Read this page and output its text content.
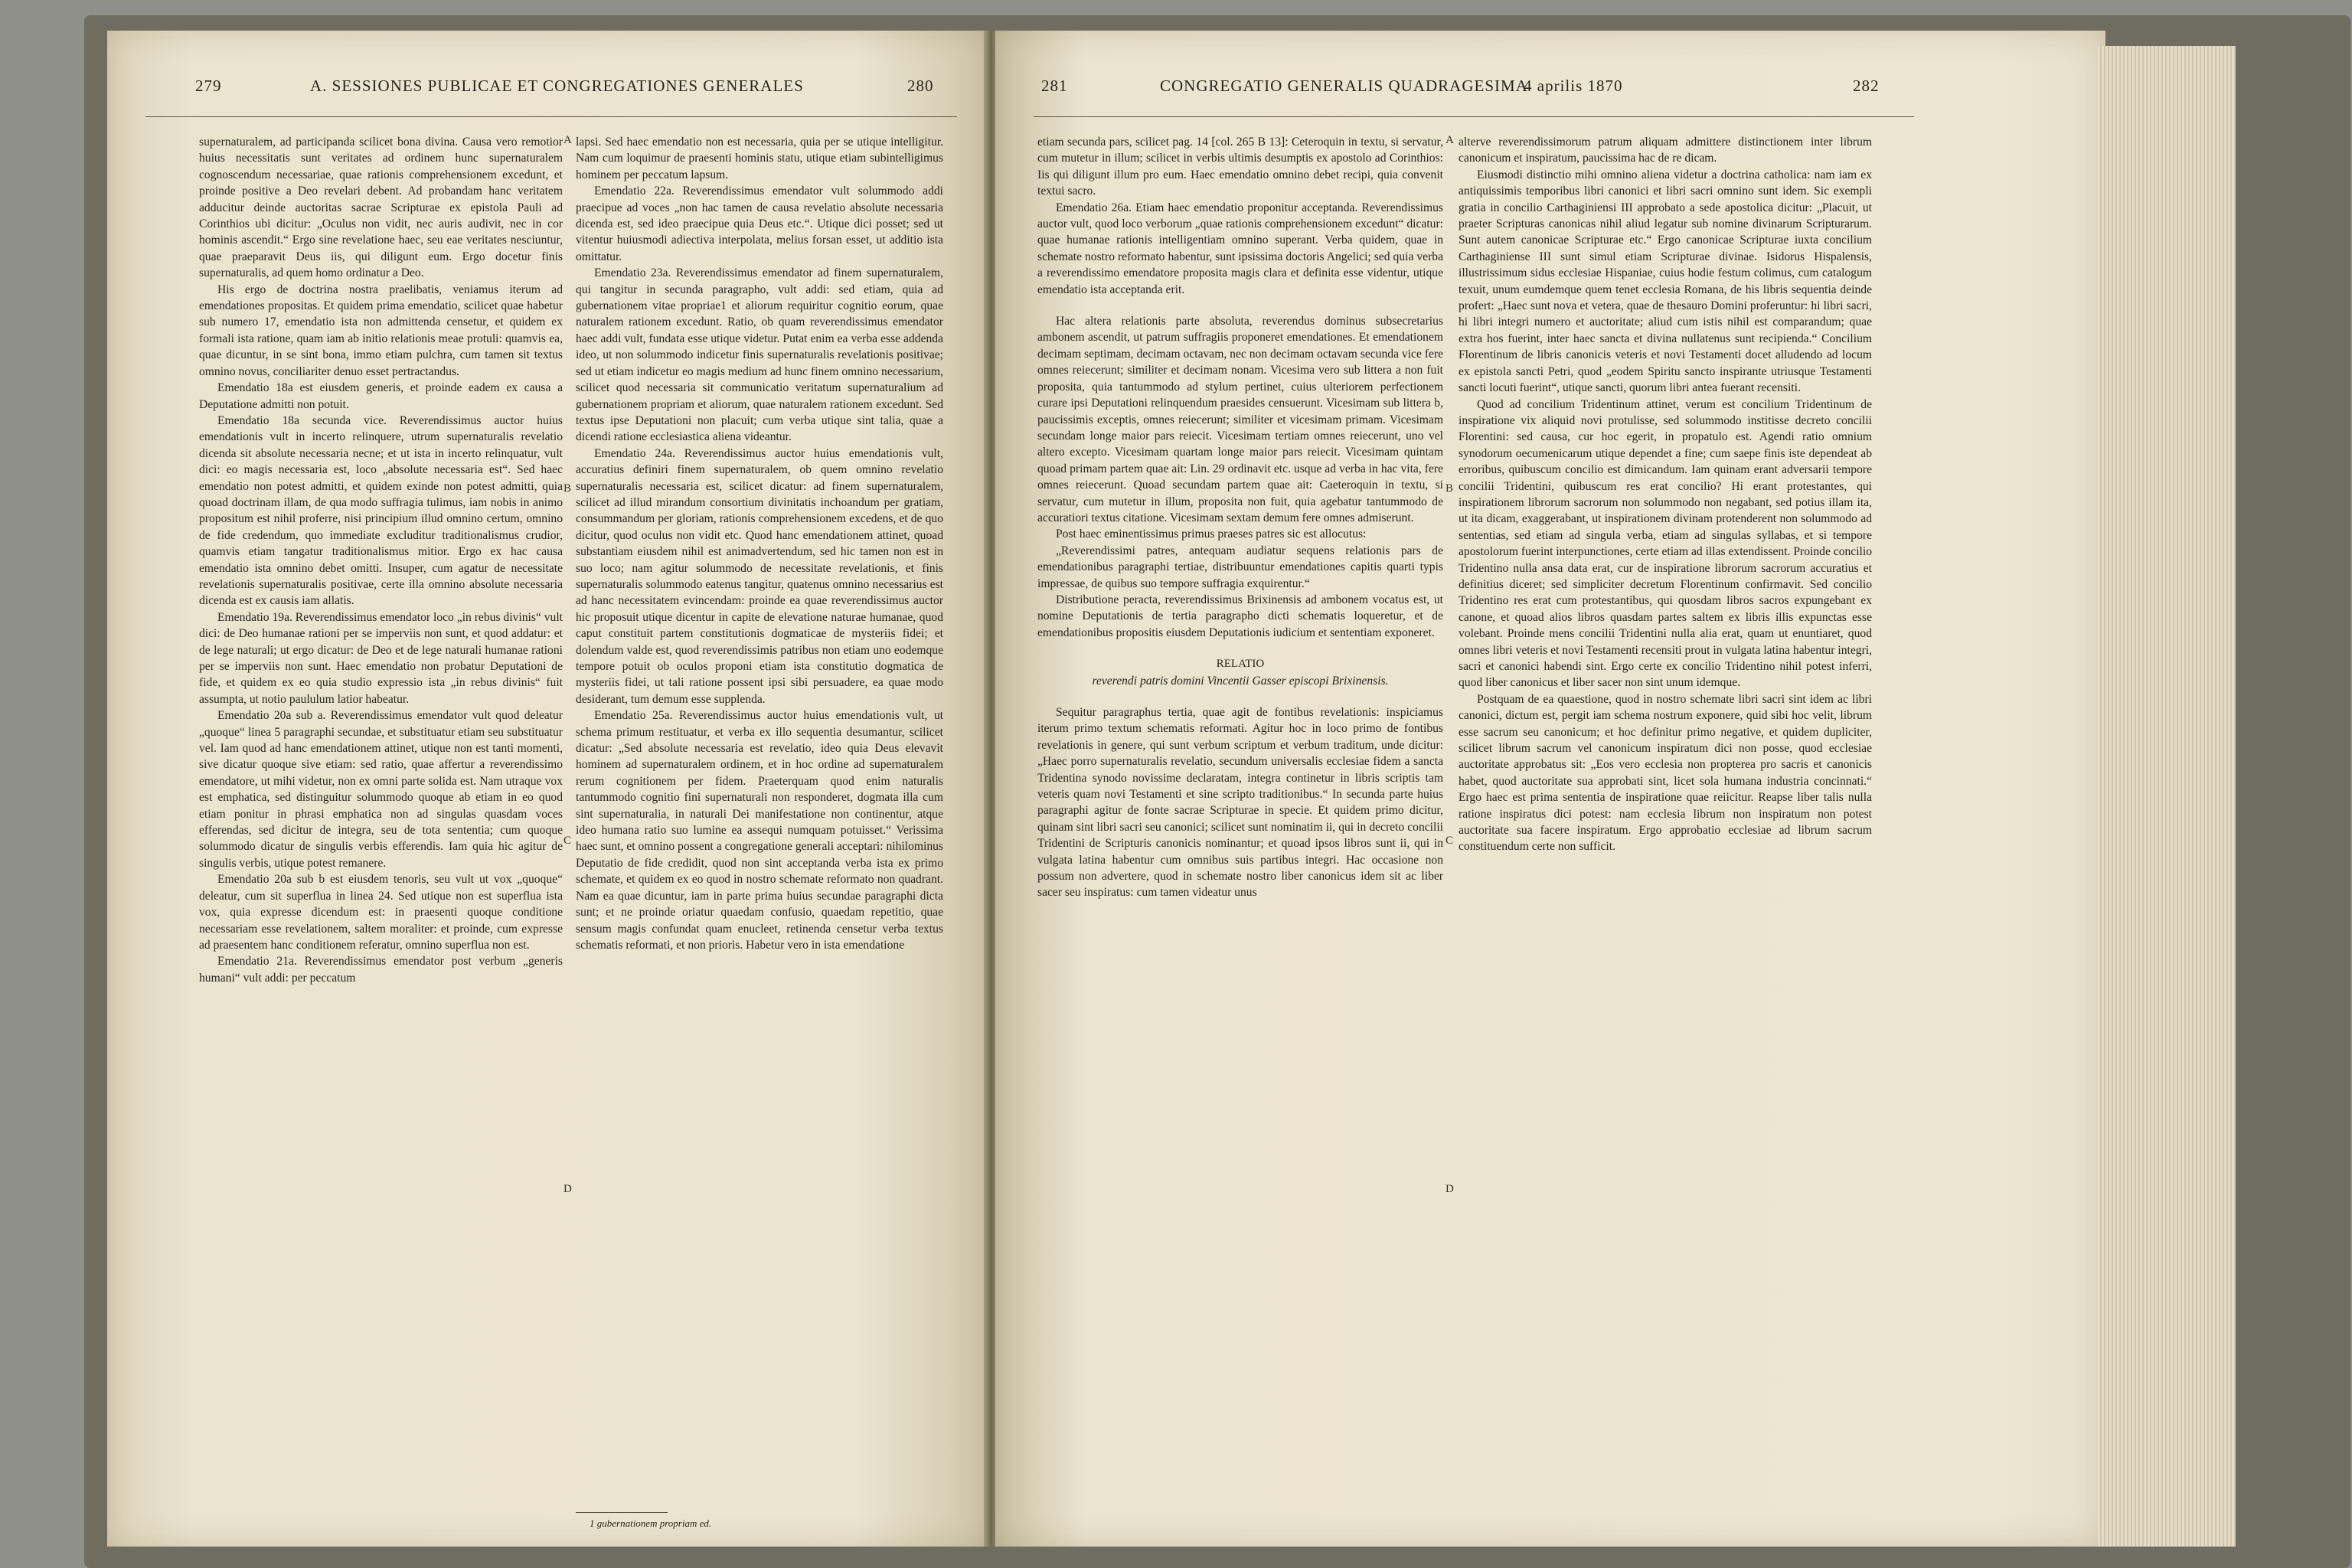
279	A. SESSIONES PUBLICAE ET CONGREGATIONES GENERALES	280

supernaturalem, ad participanda scilicet bona divina. Causa vero remotior huius necessitatis sunt veritates ad ordinem hunc supernaturalem cognoscendum necessariae, quae rationis comprehensionem excedunt, et proinde positive a Deo revelari debent. Ad probandam hanc veritatem adducitur deinde auctoritas sacrae Scripturae ex epistola Pauli ad Corinthios ubi dicitur: „Oculus non vidit, nec auris audivit, nec in cor hominis ascendit.“ Ergo sine revelatione haec, seu eae veritates nesciuntur, quae praeparavit Deus iis, qui diligunt eum. Ergo docetur finis supernaturalis, ad quem homo ordinatur a Deo.

His ergo de doctrina nostra praelibatis, veniamus iterum ad emendationes propositas. Et quidem prima emendatio, scilicet quae habetur sub numero 17, emendatio ista non admittenda censetur, et quidem ex formali ista ratione, quam iam ab initio relationis meae protuli: quamvis ea, quae dicuntur, in se sint bona, immo etiam pulchra, cum tamen sit textus omnino novus, conciliariter denuo esset pertractandus.

Emendatio 18a est eiusdem generis, et proinde eadem ex causa a Deputatione admitti non potuit.

Emendatio 18a secunda vice. Reverendissimus auctor huius emendationis vult in incerto relinquere, utrum supernaturalis revelatio dicenda sit absolute necessaria necne; et ut ista in incerto relinquatur, vult dici: eo magis necessaria est, loco „absolute necessaria est“. Sed haec emendatio non potest admitti, et quidem exinde non potest admitti, quia quoad doctrinam illam, de qua modo suffragia tulimus, iam nobis in animo propositum est nihil proferre, nisi principium illud omnino certum, omnino de fide credendum, quo immediate excluditur traditionalismus crudior, quamvis etiam tangatur traditionalismus mitior. Ergo ex hac causa emendatio ista omnino debet omitti. Insuper, cum agatur de necessitate revelationis supernaturalis positivae, certe illa omnino absolute necessaria dicenda est ex causis iam allatis.

Emendatio 19a. Reverendissimus emendator loco „in rebus divinis“ vult dici: de Deo humanae rationi per se imperviis non sunt, et quod addatur: et de lege naturali; ut ergo dicatur: de Deo et de lege naturali humanae rationi per se imperviis non sunt. Haec emendatio non probatur Deputationi de fide, et quidem ex eo quia studio expressio ista „in rebus divinis“ fuit assumpta, ut notio paululum latior habeatur.

Emendatio 20a sub a. Reverendissimus emendator vult quod deleatur „quoque“ linea 5 paragraphi secundae, et substituatur etiam seu substituatur vel. Iam quod ad hanc emendationem attinet, utique non est tanti momenti, sive dicatur quoque sive etiam: sed ratio, quae affertur a reverendissimo emendatore, ut mihi videtur, non ex omni parte solida est. Nam utraque vox est emphatica, sed distinguitur solummodo quoque ab etiam in eo quod etiam ponitur in phrasi emphatica non ad singulas quasdam voces efferendas, sed dicitur de integra, seu de tota sententia; cum quoque solummodo dicatur de singulis verbis efferendis. Iam quia hic agitur de singulis verbis, utique potest remanere.

Emendatio 20a sub b est eiusdem tenoris, seu vult ut vox „quoque“ deleatur, cum sit superflua in linea 24. Sed utique non est superflua ista vox, quia expresse dicendum est: in praesenti quoque conditione necessariam esse revelationem, saltem moraliter: et proinde, cum expresse ad praesentem hanc conditionem referatur, omnino superflua non est.

Emendatio 21a. Reverendissimus emendator post verbum „generis humani“ vult addi: per peccatum

lapsi. Sed haec emendatio non est necessaria, quia per se utique intelligitur. Nam cum loquimur de praesenti hominis statu, utique etiam subintelligimus hominem per peccatum lapsum.

Emendatio 22a. Reverendissimus emendator vult solummodo addi praecipue ad voces „non hac tamen de causa revelatio absolute necessaria dicenda est, sed ideo praecipue quia Deus etc.“. Utique dici posset; sed ut vitentur huiusmodi adiectiva interpolata, melius forsan esset, ut additio ista omittatur.

Emendatio 23a. Reverendissimus emendator ad finem supernaturalem, qui tangitur in secunda paragrapho, vult addi: sed etiam, quia ad gubernationem vitae propriae1 et aliorum requiritur cognitio eorum, quae naturalem rationem excedunt. Ratio, ob quam reverendissimus emendator haec addi vult, fundata esse utique videtur. Putat enim ea verba esse addenda ideo, ut non solummodo indicetur finis supernaturalis revelationis positivae; sed ut etiam indicetur eo magis medium ad hunc finem omnino necessarium, scilicet quod necessaria sit communicatio veritatum supernaturalium ad gubernationem propriam et aliorum, quae naturalem rationem excedunt. Sed textus ipse Deputationi non placuit; cum verba utique sint talia, quae a dicendi ratione ecclesiastica aliena videantur.

Emendatio 24a. Reverendissimus auctor huius emendationis vult, accuratius definiri finem supernaturalem, ob quem omnino revelatio supernaturalis necessaria est, scilicet dicatur: ad finem supernaturalem, scilicet ad illud mirandum consortium divinitatis inchoandum per gratiam, consummandum per gloriam, rationis comprehensionem excedens, et de quo dicitur, quod oculus non vidit etc. Quod hanc emendationem attinet, quoad substantiam eiusdem nihil est animadvertendum, sed hic tamen non est in suo loco; nam agitur solummodo de necessitate revelationis, et finis supernaturalis solummodo eatenus tangitur, quatenus omnino necessarius est ad hanc necessitatem evincendam: proinde ea quae reverendissimus auctor hic proposuit utique dicentur in capite de elevatione naturae humanae, quod caput constituit partem constitutionis dogmaticae de mysteriis fidei; et dolendum valde est, quod reverendissimis patribus non etiam uno eodemque tempore potuit ob oculos proponi etiam ista constitutio dogmatica de mysteriis fidei, ut tali ratione possent ipsi sibi persuadere, ea quae modo desiderant, tum demum esse supplenda.

Emendatio 25a. Reverendissimus auctor huius emendationis vult, ut schema primum restituatur, et verba ex illo sequentia desumantur, scilicet dicatur: „Sed absolute necessaria est revelatio, ideo quia Deus elevavit hominem ad supernaturalem ordinem, et in hoc ordine ad supernaturalem rerum cognitionem per fidem. Praeterquam quod enim naturalis tantummodo cognitio fini supernaturali non responderet, dogmata illa cum sint supernaturalia, in naturali Dei manifestatione non continentur, atque ideo humana ratio suo lumine ea assequi numquam potuisset.“ Verissima haec sunt, et omnino possent a congregatione generali acceptari: nihilominus Deputatio de fide credidit, quod non sint acceptanda verba ista ex primo schemate, et quidem ex eo quod in nostro schemate reformato non quadrant. Nam ea quae dicuntur, iam in parte prima huius secundae paragraphi dicta sunt; et ne proinde oriatur quaedam confusio, quaedam repetitio, quae sensum magis confundat quam enucleet, retinenda censetur verba textus schematis reformati, et non prioris. Habetur vero in ista emendatione

A
B
C
D
1 gubernationem propriam ed.
281	CONGREGATIO GENERALIS QUADRAGESIMA
4 aprilis 1870	282

etiam secunda pars, scilicet pag. 14 [col. 265 B 13]: Ceteroquin in textu, si servatur, cum mutetur in illum; scilicet in verbis ultimis desumptis ex apostolo ad Corinthios: Iis qui diligunt illum pro eum. Haec emendatio omnino debet recipi, quia convenit textui sacro.

Emendatio 26a. Etiam haec emendatio proponitur acceptanda. Reverendissimus auctor vult, quod loco verborum „quae rationis comprehensionem excedunt“ dicatur: quae humanae rationis intelligentiam omnino superant. Verba quidem, quae in schemate nostro reformato habentur, sunt ipsissima doctoris Angelici; sed quia verba a reverendissimo emendatore proposita magis clara et definita esse videntur, utique emendatio ista acceptanda erit.

Hac altera relationis parte absoluta, reverendus dominus subsecretarius ambonem ascendit, ut patrum suffragiis proponeret emendationes. Et emendationem decimam septimam, decimam octavam, nec non decimam octavam secunda vice fere omnes reiecerunt; similiter et decimam nonam. Vicesima vero sub littera a non fuit proposita, quia tantummodo ad stylum pertinet, cuius ulteriorem perfectionem curare ipsi Deputationi relinquendum praesides censuerunt. Vicesimam sub littera b, paucissimis exceptis, omnes reiecerunt; similiter et vicesimam primam. Vicesimam secundam longe maior pars reiecit. Vicesimam tertiam omnes reiecerunt, uno vel altero excepto. Vicesimam quartam longe maior pars reiecit. Vicesimam quintam quoad primam partem quae ait: Lin. 29 ordinavit etc. usque ad verba in hac vita, fere omnes reiecerunt. Quoad secundam partem quae ait: Caeteroquin in textu, si servatur, cum mutetur in illum, proposita non fuit, quia agebatur tantummodo de accuratiori textus citatione. Vicesimam sextam demum fere omnes admiserunt.

Post haec eminentissimus primus praeses patres sic est allocutus:

„Reverendissimi patres, antequam audiatur sequens relationis pars de emendationibus paragraphi tertiae, distribuuntur emendationes capitis quarti typis impressae, de quibus suo tempore suffragia exquirentur.“

Distributione peracta, reverendissimus Brixinensis ad ambonem vocatus est, ut nomine Deputationis de tertia paragrapho dicti schematis loqueretur, et de emendationibus propositis eiusdem Deputationis iudicium et sententiam exponeret.

RELATIO

reverendi patris domini Vincentii Gasser episcopi Brixinensis.

Sequitur paragraphus tertia, quae agit de fontibus revelationis: inspiciamus iterum primo textum schematis reformati. Agitur hoc in loco primo de fontibus revelationis in genere, qui sunt verbum scriptum et verbum traditum, unde dicitur: „Haec porro supernaturalis revelatio, secundum universalis ecclesiae fidem a sancta Tridentina synodo novissime declaratam, integra continetur in libris scriptis tam veteris quam novi Testamenti et sine scripto traditionibus.“ In secunda parte huius paragraphi agitur de fonte sacrae Scripturae in specie. Et quidem primo dicitur, quinam sint libri sacri seu canonici; scilicet sunt nominatim ii, qui in decreto concilii Tridentini de Scripturis canonicis nominantur; et quoad ipsos libros sunt ii, qui in vulgata latina habentur cum omnibus suis partibus integri. Hac occasione non possum non advertere, quod in schemate nostro liber canonicus idem sit ac liber sacer seu inspiratus: cum tamen videatur unus

alterve reverendissimorum patrum aliquam admittere distinctionem inter librum canonicum et inspiratum, paucissima hac de re dicam.

Eiusmodi distinctio mihi omnino aliena videtur a doctrina catholica: nam iam ex antiquissimis temporibus libri canonici et libri sacri omnino sunt idem. Sic exempli gratia in concilio Carthaginiensi III approbato a sede apostolica dicitur: „Placuit, ut praeter Scripturas canonicas nihil aliud legatur sub nomine divinarum Scripturarum. Sunt autem canonicae Scripturae etc.“ Ergo canonicae Scripturae iuxta concilium Carthaginiense III sunt simul etiam Scripturae divinae. Isidorus Hispalensis, illustrissimum sidus ecclesiae Hispaniae, cuius hodie festum colimus, cum catalogum texuit, unum eumdemque quem tenet ecclesia Romana, de his libris sequentia deinde profert: „Haec sunt nova et vetera, quae de thesauro Domini proferuntur: hi libri sacri, hi libri integri numero et auctoritate; aliud cum istis nihil est comparandum; quae extra hos fuerint, inter haec sancta et divina nullatenus sunt recipienda.“ Concilium Florentinum de libris canonicis veteris et novi Testamenti docet alludendo ad locum ex epistola sancti Petri, quod „eodem Spiritu sancto inspirante utriusque Testamenti sancti locuti fuerint“, utique sancti, quorum libri antea fuerant recensiti.

Quod ad concilium Tridentinum attinet, verum est concilium Tridentinum de inspiratione vix aliquid novi protulisse, sed solummodo institisse decreto concilii Florentini: sed causa, cur hoc egerit, in propatulo est. Agendi ratio omnium synodorum oecumenicarum utique dependet a fine; cum saepe finis iste dependeat ab erroribus, quibuscum concilio est dimicandum. Iam quinam erant adversarii tempore concilii Tridentini, quibuscum res erat concilio? Hi erant protestantes, qui inspirationem librorum sacrorum non solummodo non negabant, sed potius illam ita, ut ita dicam, exaggerabant, ut inspirationem divinam protenderent non solummodo ad sententias, sed etiam ad singula verba, etiam ad singulas syllabas, et si tempore apostolorum fuerint interpunctiones, certe etiam ad illas extendissent. Proinde concilio Tridentino nulla ansa data erat, cur de inspiratione librorum sacrorum accuratius et definitius diceret; sed simpliciter decretum Florentinum confirmavit. Sed concilio Tridentino res erat cum protestantibus, qui quosdam libros sacros expungebant ex canone, et quoad alios libros quasdam partes saltem ex libris illis expunctas esse volebant. Proinde mens concilii Tridentini nulla alia erat, quam ut enuntiaret, quod omnes libri veteris et novi Testamenti recensiti prout in vulgata latina habentur integri, sacri et canonici habendi sint. Ergo certe ex concilio Tridentino nihil potest inferri, quod liber canonicus et liber sacer non sint unum idemque.

Postquam de ea quaestione, quod in nostro schemate libri sacri sint idem ac libri canonici, dictum est, pergit iam schema nostrum exponere, quid sibi hoc velit, librum esse sacrum seu canonicum; et hoc definitur primo negative, et quidem dupliciter, scilicet librum sacrum vel canonicum inspiratum dici non posse, quod ecclesiae auctoritate approbatus sit: „Eos vero ecclesia non propterea pro sacris et canonicis habet, quod auctoritate sua approbati sint, licet sola humana industria concinnati.“ Ergo haec est prima sententia de inspiratione quae reiicitur. Reapse liber talis nulla ratione inspiratus dici potest: nam ecclesia librum non inspiratum non potest auctoritate sua facere inspiratum. Ergo approbatio ecclesiae ad librum sacrum constituendum certe non sufficit.

A
B
C
D
